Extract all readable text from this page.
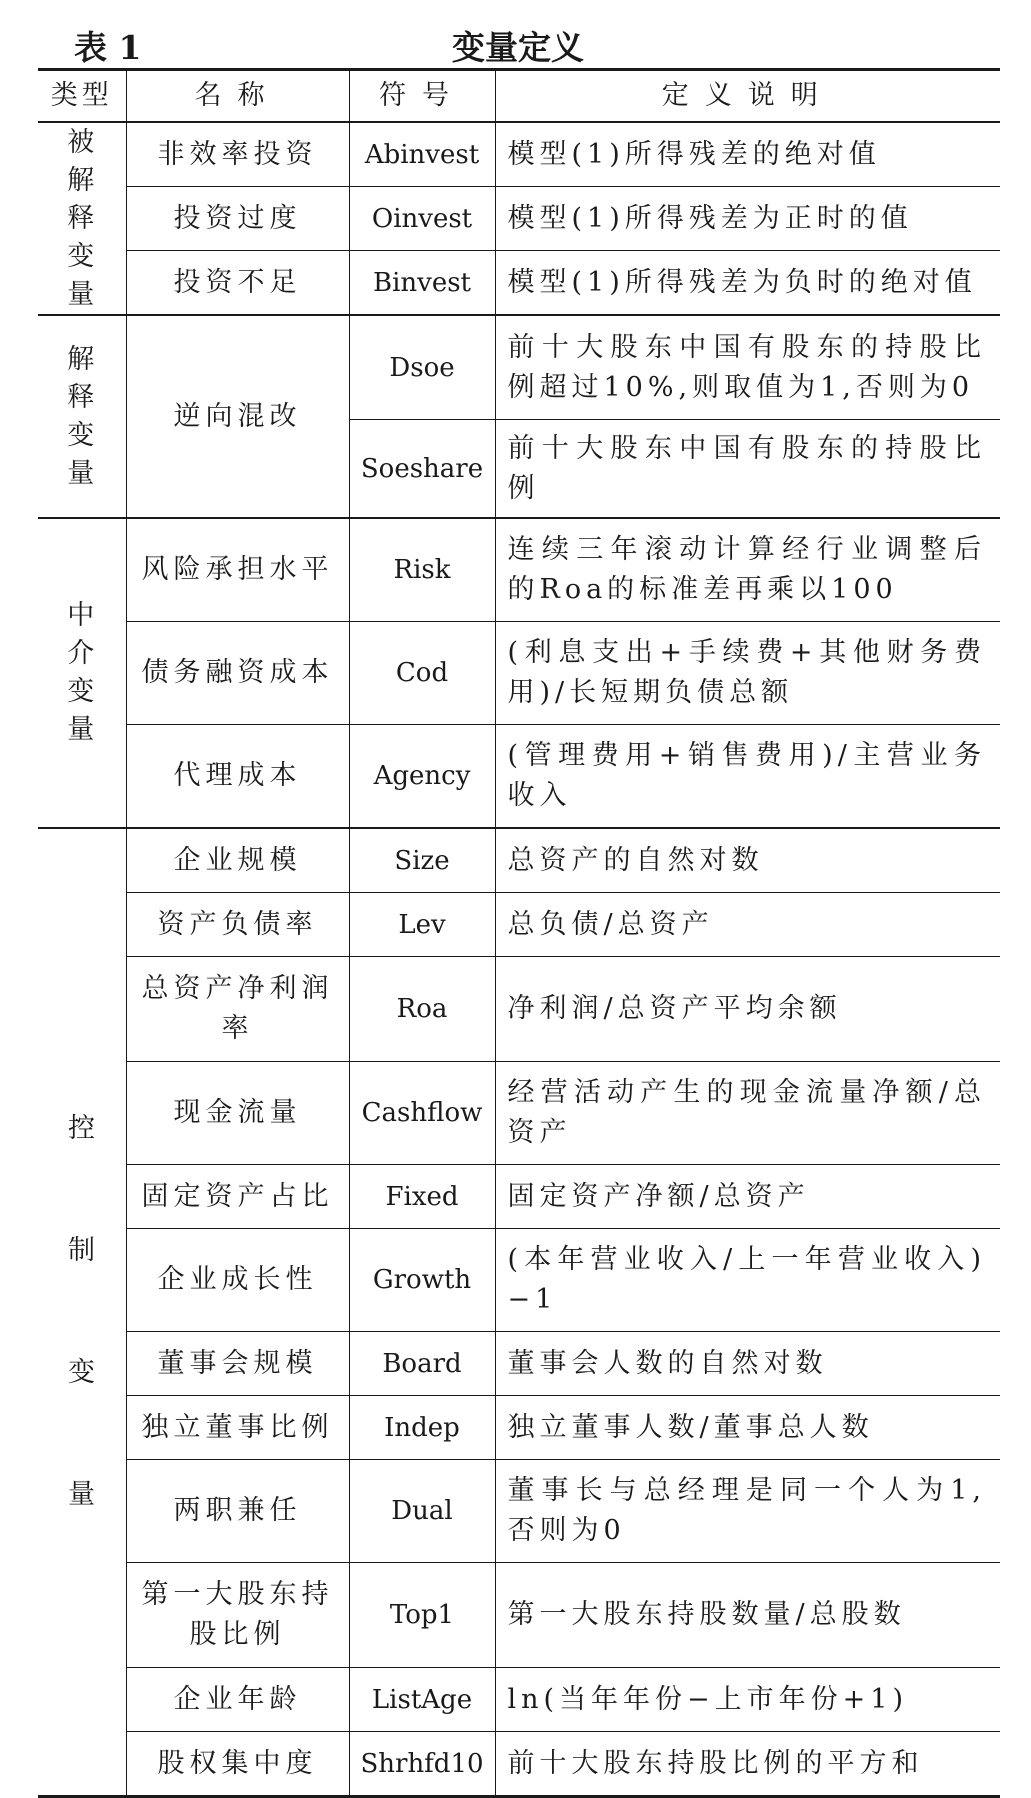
表 1	变量定义
类型	名称	符号	定义说明
被解释变量	非效率投资	Abinvest	模型(1)所得残差的绝对值
	投资过度	Oinvest	模型(1)所得残差为正时的值
	投资不足	Binvest	模型(1)所得残差为负时的绝对值
解释变量	逆向混改	Dsoe	前十大股东中国有股东的持股比例超过10%,则取值为1,否则为0
		Soeshare	前十大股东中国有股东的持股比例
中介变量	风险承担水平	Risk	连续三年滚动计算经行业调整后的Roa的标准差再乘以100
	债务融资成本	Cod	(利息支出+手续费+其他财务费用)/长短期负债总额
	代理成本	Agency	(管理费用+销售费用)/主营业务收入
控制变量	企业规模	Size	总资产的自然对数
	资产负债率	Lev	总负债/总资产
	总资产净利润率	Roa	净利润/总资产平均余额
	现金流量	Cashflow	经营活动产生的现金流量净额/总资产
	固定资产占比	Fixed	固定资产净额/总资产
	企业成长性	Growth	(本年营业收入/上一年营业收入)−1
	董事会规模	Board	董事会人数的自然对数
	独立董事比例	Indep	独立董事人数/董事总人数
	两职兼任	Dual	董事长与总经理是同一个人为1,否则为0
	第一大股东持股比例	Top1	第一大股东持股数量/总股数
	企业年龄	ListAge	ln(当年年份−上市年份+1)
	股权集中度	Shrhfd10	前十大股东持股比例的平方和
